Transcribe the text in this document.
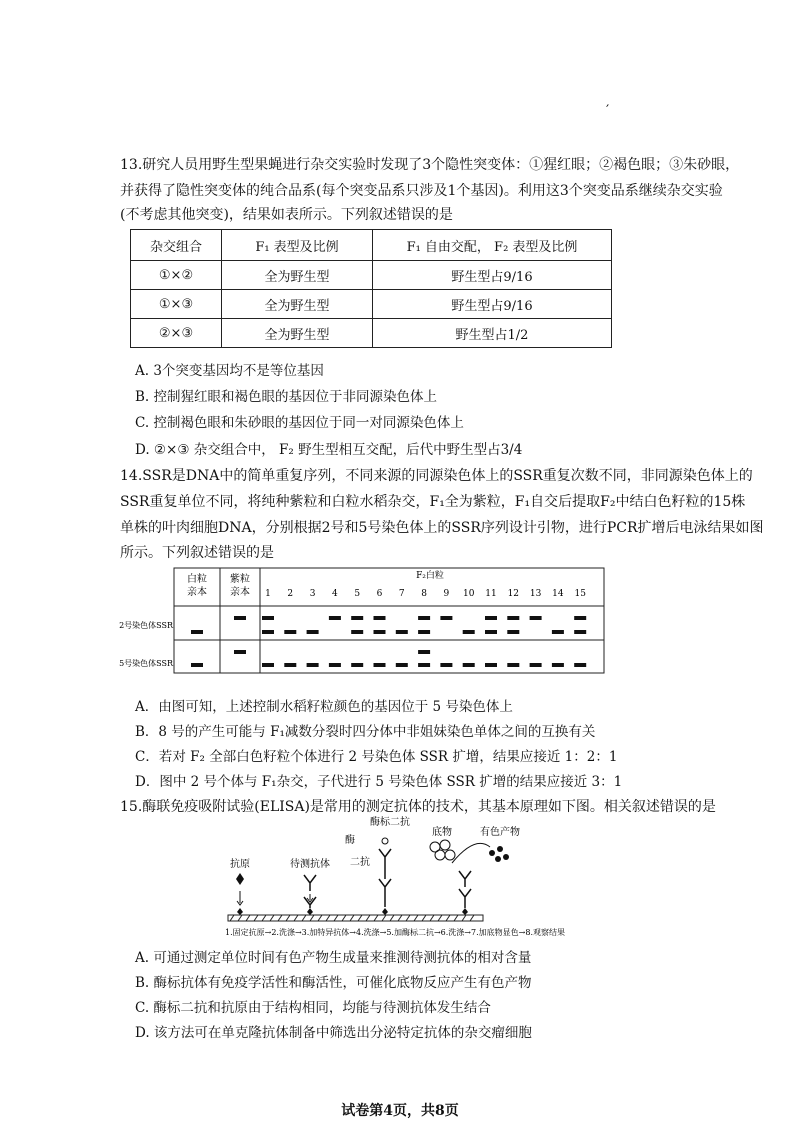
′
13.研究人员用野生型果蝇进行杂交实验时发现了3个隐性突变体：①猩红眼；②褐色眼；③朱砂眼，
并获得了隐性突变体的纯合品系(每个突变品系只涉及1个基因)。利用这3个突变品系继续杂交实验
(不考虑其他突变)，结果如表所示。下列叙述错误的是
杂交组合	F₁ 表型及比例	F₁ 自由交配， F₂ 表型及比例
①×②	全为野生型	野生型占9/16
①×③	全为野生型	野生型占9/16
②×③	全为野生型	野生型占1/2
A. 3个突变基因均不是等位基因
B. 控制猩红眼和褐色眼的基因位于非同源染色体上
C. 控制褐色眼和朱砂眼的基因位于同一对同源染色体上
D. ②×③ 杂交组合中， F₂ 野生型相互交配，后代中野生型占3/4
14.SSR是DNA中的简单重复序列，不同来源的同源染色体上的SSR重复次数不同，非同源染色体上的
SSR重复单位不同，将纯种紫粒和白粒水稻杂交，F₁全为紫粒，F₁自交后提取F₂中结白色籽粒的15株
单株的叶肉细胞DNA，分别根据2号和5号染色体上的SSR序列设计引物，进行PCR扩增后电泳结果如图
所示。下列叙述错误的是
白粒
亲本
紫粒
亲本
F₂白粒
1 2 3 4 5 6 7 8 9 10 11 12 13 14 15
2号染色体SSR
5号染色体SSR
A．由图可知，上述控制水稻籽粒颜色的基因位于 5 号染色体上
B．8 号的产生可能与 F₁减数分裂时四分体中非姐妹染色单体之间的互换有关
C．若对 F₂ 全部白色籽粒个体进行 2 号染色体 SSR 扩增，结果应接近 1：2：1
D．图中 2 号个体与 F₁杂交，子代进行 5 号染色体 SSR 扩增的结果应接近 3：1
15.酶联免疫吸附试验(ELISA)是常用的测定抗体的技术，其基本原理如下图。相关叙述错误的是
抗原	待测抗体
酶标二抗
酶
二抗
底物	有色产物
1.固定抗原→2.洗涤→3.加特异抗体→4.洗涤→5.加酶标二抗→6.洗涤→7.加底物显色→8.观察结果
A. 可通过测定单位时间有色产物生成量来推测待测抗体的相对含量
B. 酶标抗体有免疫学活性和酶活性，可催化底物反应产生有色产物
C. 酶标二抗和抗原由于结构相同，均能与待测抗体发生结合
D. 该方法可在单克隆抗体制备中筛选出分泌特定抗体的杂交瘤细胞
试卷第4页，共8页
